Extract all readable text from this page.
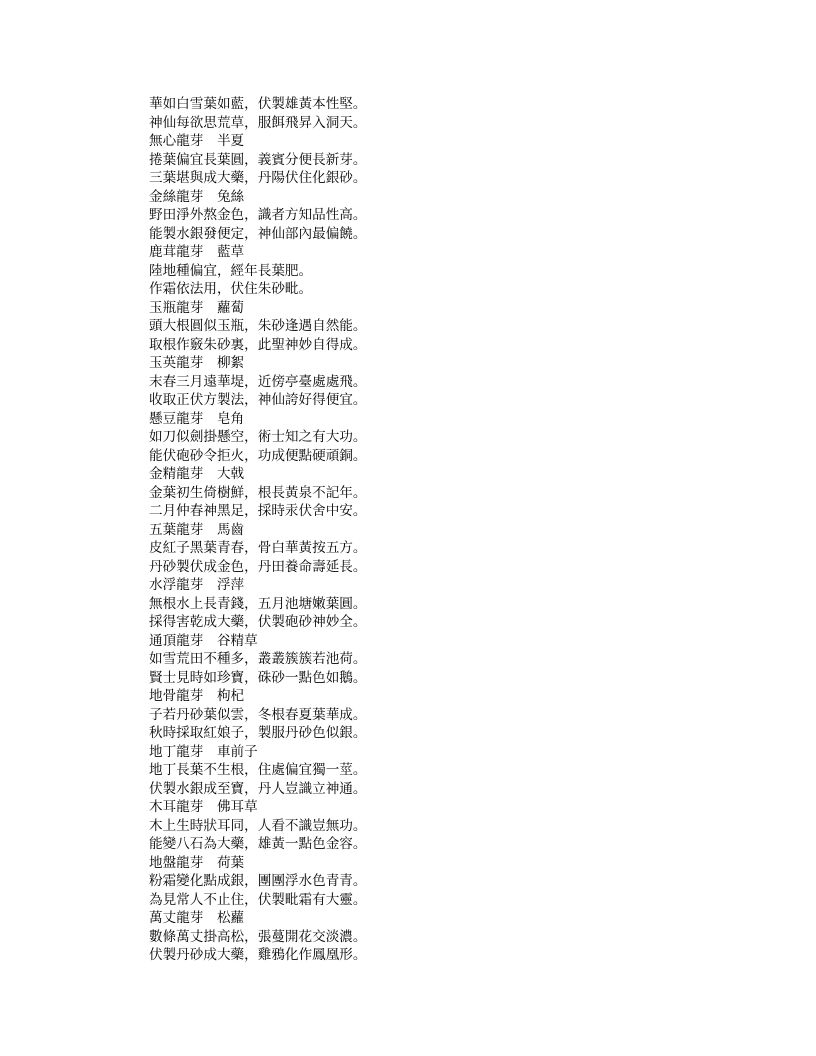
華如白雪葉如藍，伏製雄黃本性堅。
神仙每欲思荒草，服餌飛昇入洞天。
無心龍芽　半夏
捲葉偏宜長葉圓，義賓分便長新芽。
三葉堪與成大藥，丹陽伏住化銀砂。
金絲龍芽　兔絲
野田淨外熬金色，識者方知品性高。
能製水銀發便定，神仙部內最偏饒。
鹿茸龍芽　藍草
陸地種偏宜，經年長葉肥。
作霜依法用，伏住朱砂毗。
玉瓶龍芽　蘿蔔
頭大根圓似玉瓶，朱砂逢遇自然能。
取根作竅朱砂裏，此聖神妙自得成。
玉英龍芽　柳絮
末春三月遠華堤，近傍亭臺處處飛。
收取正伏方製法，神仙誇好得便宜。
懸豆龍芽　皂角
如刀似劍掛懸空，術士知之有大功。
能伏砲砂令拒火，功成便點硬頑銅。
金精龍芽　大戟
金葉初生倚樹鮮，根長黃泉不記年。
二月仲春神黑足，採時汞伏舍中安。
五葉龍芽　馬齒
皮紅子黑葉青春，骨白華黃按五方。
丹砂製伏成金色，丹田養命壽延長。
水浮龍芽　浮萍
無根水上長青錢，五月池塘嫩葉圓。
採得害乾成大藥，伏製砲砂神妙全。
通頂龍芽　谷精草
如雪荒田不種多，叢叢簇簇若池荷。
賢士見時如珍寶，硃砂一點色如鵝。
地骨龍芽　枸杞
子若丹砂葉似雲，冬根春夏葉華成。
秋時採取紅娘子，製服丹砂色似銀。
地丁龍芽　車前子
地丁長葉不生根，住處偏宜獨一莖。
伏製水銀成至寶，丹人豈識立神通。
木耳龍芽　佛耳草
木上生時狀耳同，人看不識豈無功。
能變八石為大藥，雄黃一點色金容。
地盤龍芽　荷葉
粉霜變化點成銀，團團浮水色青青。
為見常人不止住，伏製毗霜有大靈。
萬丈龍芽　松蘿
數條萬丈掛高松，張蔓開花交淡濃。
伏製丹砂成大藥，雞鴉化作鳳凰形。
